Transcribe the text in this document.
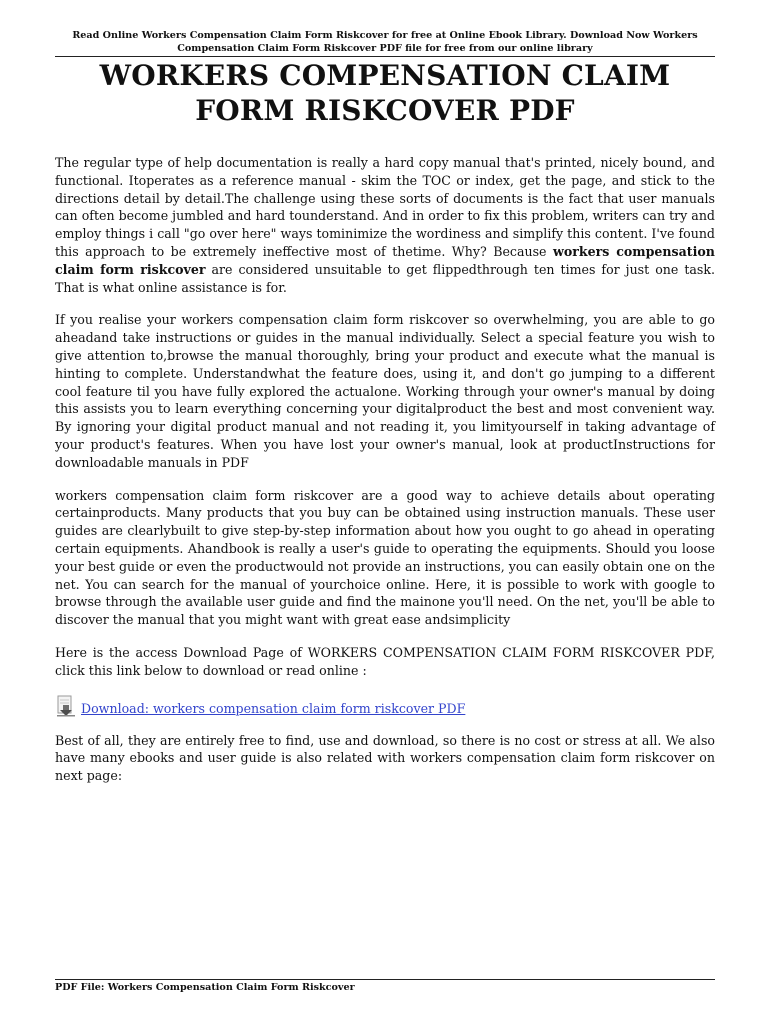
Read Online Workers Compensation Claim Form Riskcover for free at Online Ebook Library. Download Now Workers Compensation Claim Form Riskcover PDF file for free from our online library
WORKERS COMPENSATION CLAIM FORM RISKCOVER PDF

The regular type of help documentation is really a hard copy manual that's printed, nicely bound, and functional. Itoperates as a reference manual - skim the TOC or index, get the page, and stick to the directions detail by detail.The challenge using these sorts of documents is the fact that user manuals can often become jumbled and hard tounderstand. And in order to fix this problem, writers can try and employ things i call "go over here" ways tominimize the wordiness and simplify this content. I've found this approach to be extremely ineffective most of thetime. Why? Because workers compensation claim form riskcover are considered unsuitable to get flippedthrough ten times for just one task. That is what online assistance is for.

If you realise your workers compensation claim form riskcover so overwhelming, you are able to go aheadand take instructions or guides in the manual individually. Select a special feature you wish to give attention to,browse the manual thoroughly, bring your product and execute what the manual is hinting to complete. Understandwhat the feature does, using it, and don't go jumping to a different cool feature til you have fully explored the actualone. Working through your owner's manual by doing this assists you to learn everything concerning your digitalproduct the best and most convenient way. By ignoring your digital product manual and not reading it, you limityourself in taking advantage of your product's features. When you have lost your owner's manual, look at productInstructions for downloadable manuals in PDF

workers compensation claim form riskcover are a good way to achieve details about operating certainproducts. Many products that you buy can be obtained using instruction manuals. These user guides are clearlybuilt to give step-by-step information about how you ought to go ahead in operating certain equipments. Ahandbook is really a user's guide to operating the equipments. Should you loose your best guide or even the productwould not provide an instructions, you can easily obtain one on the net. You can search for the manual of yourchoice online. Here, it is possible to work with google to browse through the available user guide and find the mainone you'll need. On the net, you'll be able to discover the manual that you might want with great ease andsimplicity

Here is the access Download Page of WORKERS COMPENSATION CLAIM FORM RISKCOVER PDF, click this link below to download or read online :

Download: workers compensation claim form riskcover PDF

Best of all, they are entirely free to find, use and download, so there is no cost or stress at all. We also have many ebooks and user guide is also related with workers compensation claim form riskcover on next page:

PDF File: Workers Compensation Claim Form Riskcover
